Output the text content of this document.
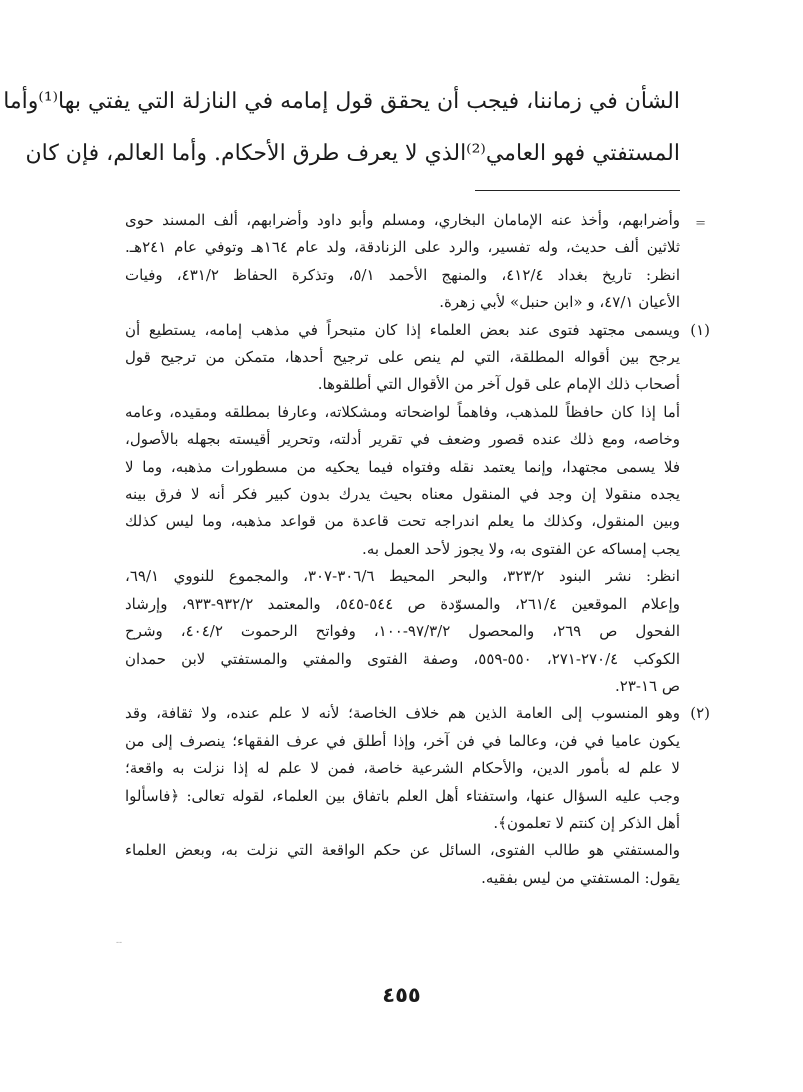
الشأن في زماننا، فيجب أن يحقق قول إمامه في النازلة التي يفتي بها⁽¹⁾وأما
المستفتي فهو العامي⁽²⁾الذي لا يعرف طرق الأحكام. وأما العالم، فإن كان
=
وأضرابهم، وأخذ عنه الإمامان البخاري، ومسلم وأبو داود وأضرابهم، ألف المسند حوى
ثلاثين ألف حديث، وله تفسير، والرد على الزنادقة، ولد عام ١٦٤هـ وتوفي عام ٢٤١هـ.
انظر: تاريخ بغداد ٤١٢/٤، والمنهج الأحمد ٥/١، وتذكرة الحفاظ ٤٣١/٢، وفيات
الأعيان ٤٧/١، و «ابن حنبل» لأبي زهرة.
(١)
ويسمى مجتهد فتوى عند بعض العلماء إذا كان متبحراً في مذهب إمامه، يستطيع أن
يرجح بين أقواله المطلقة، التي لم ينص على ترجيح أحدها، متمكن من ترجيح قول
أصحاب ذلك الإمام على قول آخر من الأقوال التي أطلقوها.
أما إذا كان حافظاً للمذهب، وفاهماً لواضحاته ومشكلاته، وعارفا بمطلقه ومقيده، وعامه
وخاصه، ومع ذلك عنده قصور وضعف في تقرير أدلته، وتحرير أقيسته بجهله بالأصول،
فلا يسمى مجتهدا، وإنما يعتمد نقله وفتواه فيما يحكيه من مسطورات مذهبه، وما لا
يجده منقولا إن وجد في المنقول معناه بحيث يدرك بدون كبير فكر أنه لا فرق بينه
وبين المنقول، وكذلك ما يعلم اندراجه تحت قاعدة من قواعد مذهبه، وما ليس كذلك
يجب إمساكه عن الفتوى به، ولا يجوز لأحد العمل به.
انظر: نشر البنود ٣٢٣/٢، والبحر المحيط ٣٠٦/٦-٣٠٧، والمجموع للنووي ٦٩/١،
وإعلام الموقعين ٢٦١/٤، والمسوّدة ص ٥٤٤-٥٤٥، والمعتمد ٩٣٢/٢-٩٣٣، وإرشاد
الفحول ص ٢٦٩، والمحصول ٩٧/٣/٢-١٠٠، وفواتح الرحموت ٤٠٤/٢، وشرح
الكوكب ٢٧٠/٤-٢٧١، ٥٥٠-٥٥٩، وصفة الفتوى والمفتي والمستفتي لابن حمدان
ص ١٦-٢٣.
(٢)
وهو المنسوب إلى العامة الذين هم خلاف الخاصة؛ لأنه لا علم عنده، ولا ثقافة، وقد
يكون عاميا في فن، وعالما في فن آخر، وإذا أطلق في عرف الفقهاء؛ ينصرف إلى من
لا علم له بأمور الدين، والأحكام الشرعية خاصة، فمن لا علم له إذا نزلت به واقعة؛
وجب عليه السؤال عنها، واستفتاء أهل العلم باتفاق بين العلماء، لقوله تعالى: ﴿فاسألوا
أهل الذكر إن كنتم لا تعلمون﴾.
والمستفتي هو طالب الفتوى، السائل عن حكم الواقعة التي نزلت به، وبعض العلماء
يقول: المستفتي من ليس بفقيه.
--
٤٥٥
